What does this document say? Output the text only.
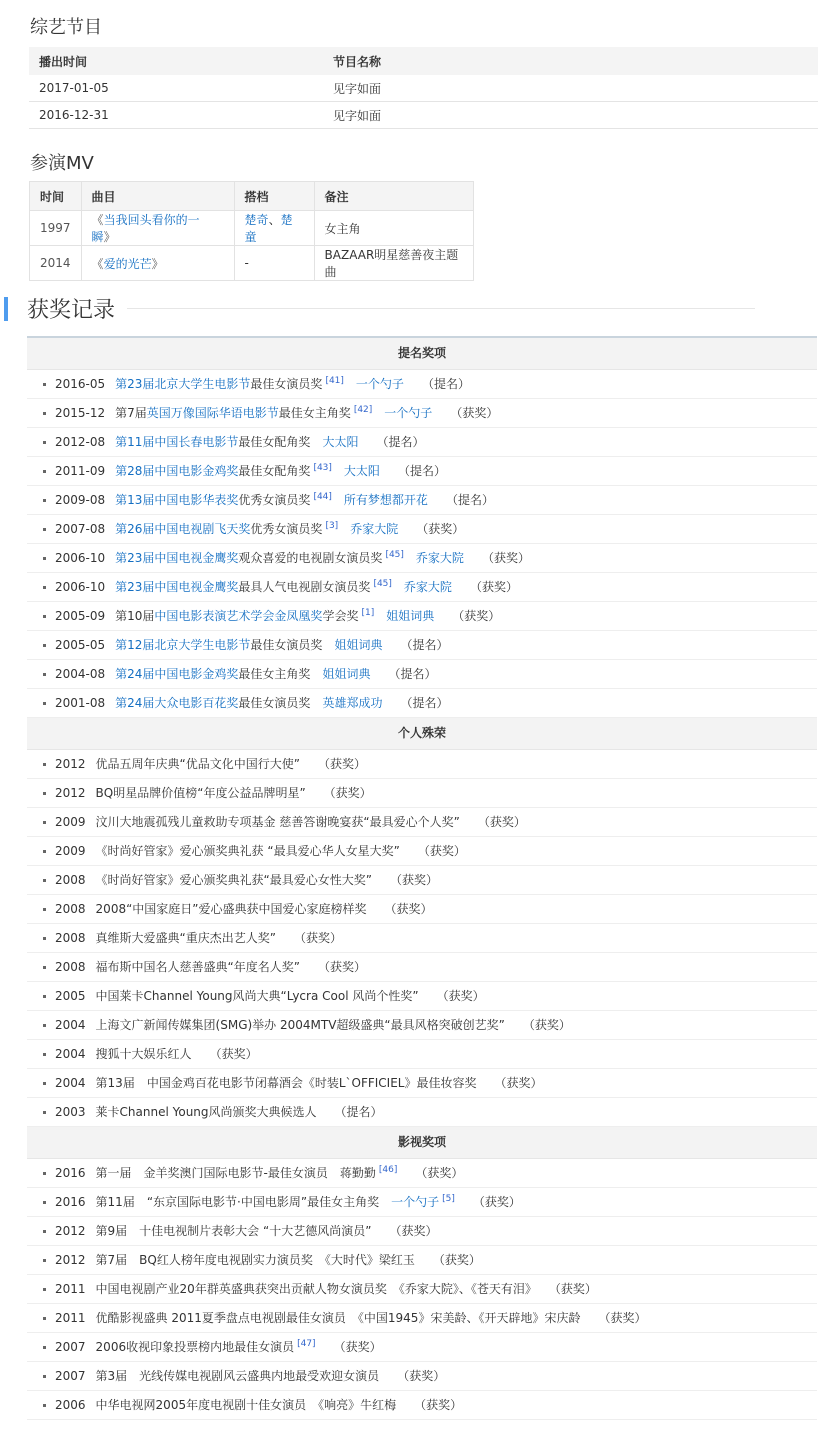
综艺节目
播出时间	节目名称
2017-01-05	见字如面
2016-12-31	见字如面
参演MV
时间	曲目	搭档	备注
1997	《当我回头看你的一瞬》	楚奇、楚童	女主角
2014	《爱的光芒》	-	BAZAAR明星慈善夜主题曲
获奖记录
提名奖项
2016-05 第23届北京大学生电影节最佳女演员奖 [41] 一个勺子 （提名）
2015-12 第7届英国万像国际华语电影节最佳女主角奖 [42] 一个勺子 （获奖）
2012-08 第11届中国长春电影节最佳女配角奖 大太阳 （提名）
2011-09 第28届中国电影金鸡奖最佳女配角奖 [43] 大太阳 （提名）
2009-08 第13届中国电影华表奖优秀女演员奖 [44] 所有梦想都开花 （提名）
2007-08 第26届中国电视剧飞天奖优秀女演员奖 [3] 乔家大院 （获奖）
2006-10 第23届中国电视金鹰奖观众喜爱的电视剧女演员奖 [45] 乔家大院 （获奖）
2006-10 第23届中国电视金鹰奖最具人气电视剧女演员奖 [45] 乔家大院 （获奖）
2005-09 第10届中国电影表演艺术学会金凤凰奖学会奖 [1] 姐姐词典 （获奖）
2005-05 第12届北京大学生电影节最佳女演员奖 姐姐词典 （提名）
2004-08 第24届中国电影金鸡奖最佳女主角奖 姐姐词典 （提名）
2001-08 第24届大众电影百花奖最佳女演员奖 英雄郑成功 （提名）
个人殊荣
2012 优品五周年庆典“优品文化中国行大使” （获奖）
2012 BQ明星品牌价值榜“年度公益品牌明星” （获奖）
2009 汶川大地震孤残儿童救助专项基金 慈善答谢晚宴获“最具爱心个人奖” （获奖）
2009 《时尚好管家》爱心颁奖典礼获 “最具爱心华人女星大奖” （获奖）
2008 《时尚好管家》爱心颁奖典礼获“最具爱心女性大奖” （获奖）
2008 2008“中国家庭日”爱心盛典获中国爱心家庭榜样奖 （获奖）
2008 真维斯大爱盛典“重庆杰出艺人奖” （获奖）
2008 福布斯中国名人慈善盛典“年度名人奖” （获奖）
2005 中国莱卡Channel Young风尚大典“Lycra Cool 风尚个性奖” （获奖）
2004 上海文广新闻传媒集团(SMG)举办 2004MTV超级盛典“最具风格突破创艺奖” （获奖）
2004 搜狐十大娱乐红人 （获奖）
2004 第13届　中国金鸡百花电影节闭幕酒会《时装L`OFFICIEL》最佳妆容奖 （获奖）
2003 莱卡Channel Young风尚颁奖大典候选人 （提名）
影视奖项
2016 第一届　金羊奖澳门国际电影节-最佳女演员　蒋勤勤 [46] （获奖）
2016 第11届　“东京国际电影节·中国电影周”最佳女主角奖　一个勺子 [5] （获奖）
2012 第9届　十佳电视制片表彰大会 “十大艺德风尚演员” （获奖）
2012 第7届　BQ红人榜年度电视剧实力演员奖　《大时代》梁红玉 （获奖）
2011 中国电视剧产业20年群英盛典获突出贡献人物女演员奖　《乔家大院》、《苍天有泪》 （获奖）
2011 优酷影视盛典 2011夏季盘点电视剧最佳女演员　《中国1945》宋美龄、《开天辟地》宋庆龄 （获奖）
2007 2006收视印象投票榜内地最佳女演员 [47] （获奖）
2007 第3届　光线传媒电视剧风云盛典内地最受欢迎女演员 （获奖）
2006 中华电视网2005年度电视剧十佳女演员　《响亮》牛红梅 （获奖）
